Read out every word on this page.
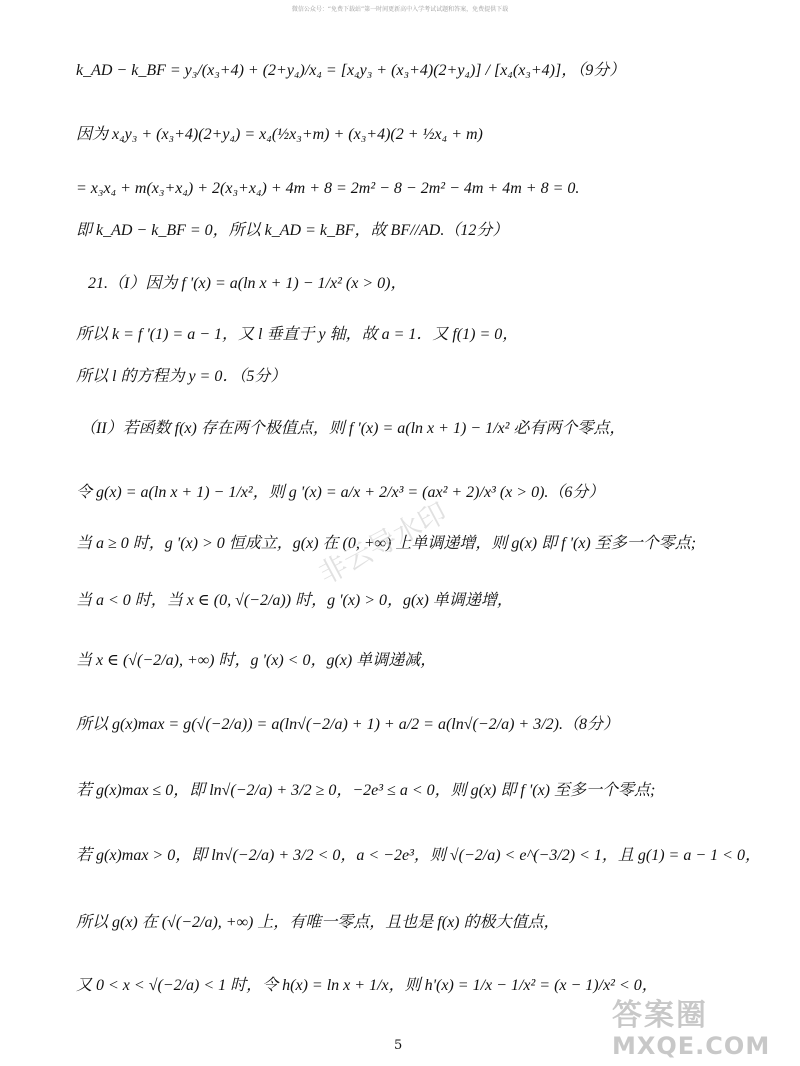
微信公众号：“免费下载站”第一时间更新高中入学考试试题和答案，免费提供下载
k_AD − k_BF = y₃/(x₃+4) + (2+y₄)/x₄ = [x₄y₃ + (x₃+4)(2+y₄)] / [x₄(x₃+4)]，（9分）
因为 x₄y₃ + (x₃+4)(2+y₄) = x₄(½x₃+m) + (x₃+4)(2 + ½x₄ + m)
= x₃x₄ + m(x₃+x₄) + 2(x₃+x₄) + 4m + 8 = 2m² − 8 − 2m² − 4m + 4m + 8 = 0.
即 k_AD − k_BF = 0，所以 k_AD = k_BF，故 BF//AD.（12分）
21.（I）因为 f '(x) = a(ln x + 1) − 1/x² (x > 0)，
所以 k = f '(1) = a − 1，又 l 垂直于 y 轴，故 a = 1．又 f(1) = 0，
所以 l 的方程为 y = 0．（5分）
（II）若函数 f(x) 存在两个极值点，则 f '(x) = a(ln x + 1) − 1/x² 必有两个零点，
令 g(x) = a(ln x + 1) − 1/x²，则 g '(x) = a/x + 2/x³ = (ax² + 2)/x³ (x > 0).（6分）
当 a ≥ 0 时，g '(x) > 0 恒成立，g(x) 在 (0, +∞) 上单调递增，则 g(x) 即 f '(x) 至多一个零点;
当 a < 0 时，当 x ∈ (0, √(−2/a)) 时，g '(x) > 0，g(x) 单调递增，
当 x ∈ (√(−2/a), +∞) 时，g '(x) < 0，g(x) 单调递减，
所以 g(x)max = g(√(−2/a)) = a(ln√(−2/a) + 1) + a/2 = a(ln√(−2/a) + 3/2).（8分）
若 g(x)max ≤ 0，即 ln√(−2/a) + 3/2 ≥ 0，−2e³ ≤ a < 0，则 g(x) 即 f '(x) 至多一个零点;
若 g(x)max > 0，即 ln√(−2/a) + 3/2 < 0，a < −2e³，则 √(−2/a) < e^(−3/2) < 1，且 g(1) = a − 1 < 0，
所以 g(x) 在 (√(−2/a), +∞) 上，有唯一零点，且也是 f(x) 的极大值点，
又 0 < x < √(−2/a) < 1 时，令 h(x) = ln x + 1/x，则 h'(x) = 1/x − 1/x² = (x − 1)/x² < 0，
5
非云导水印
答案圈
MXQE.COM
